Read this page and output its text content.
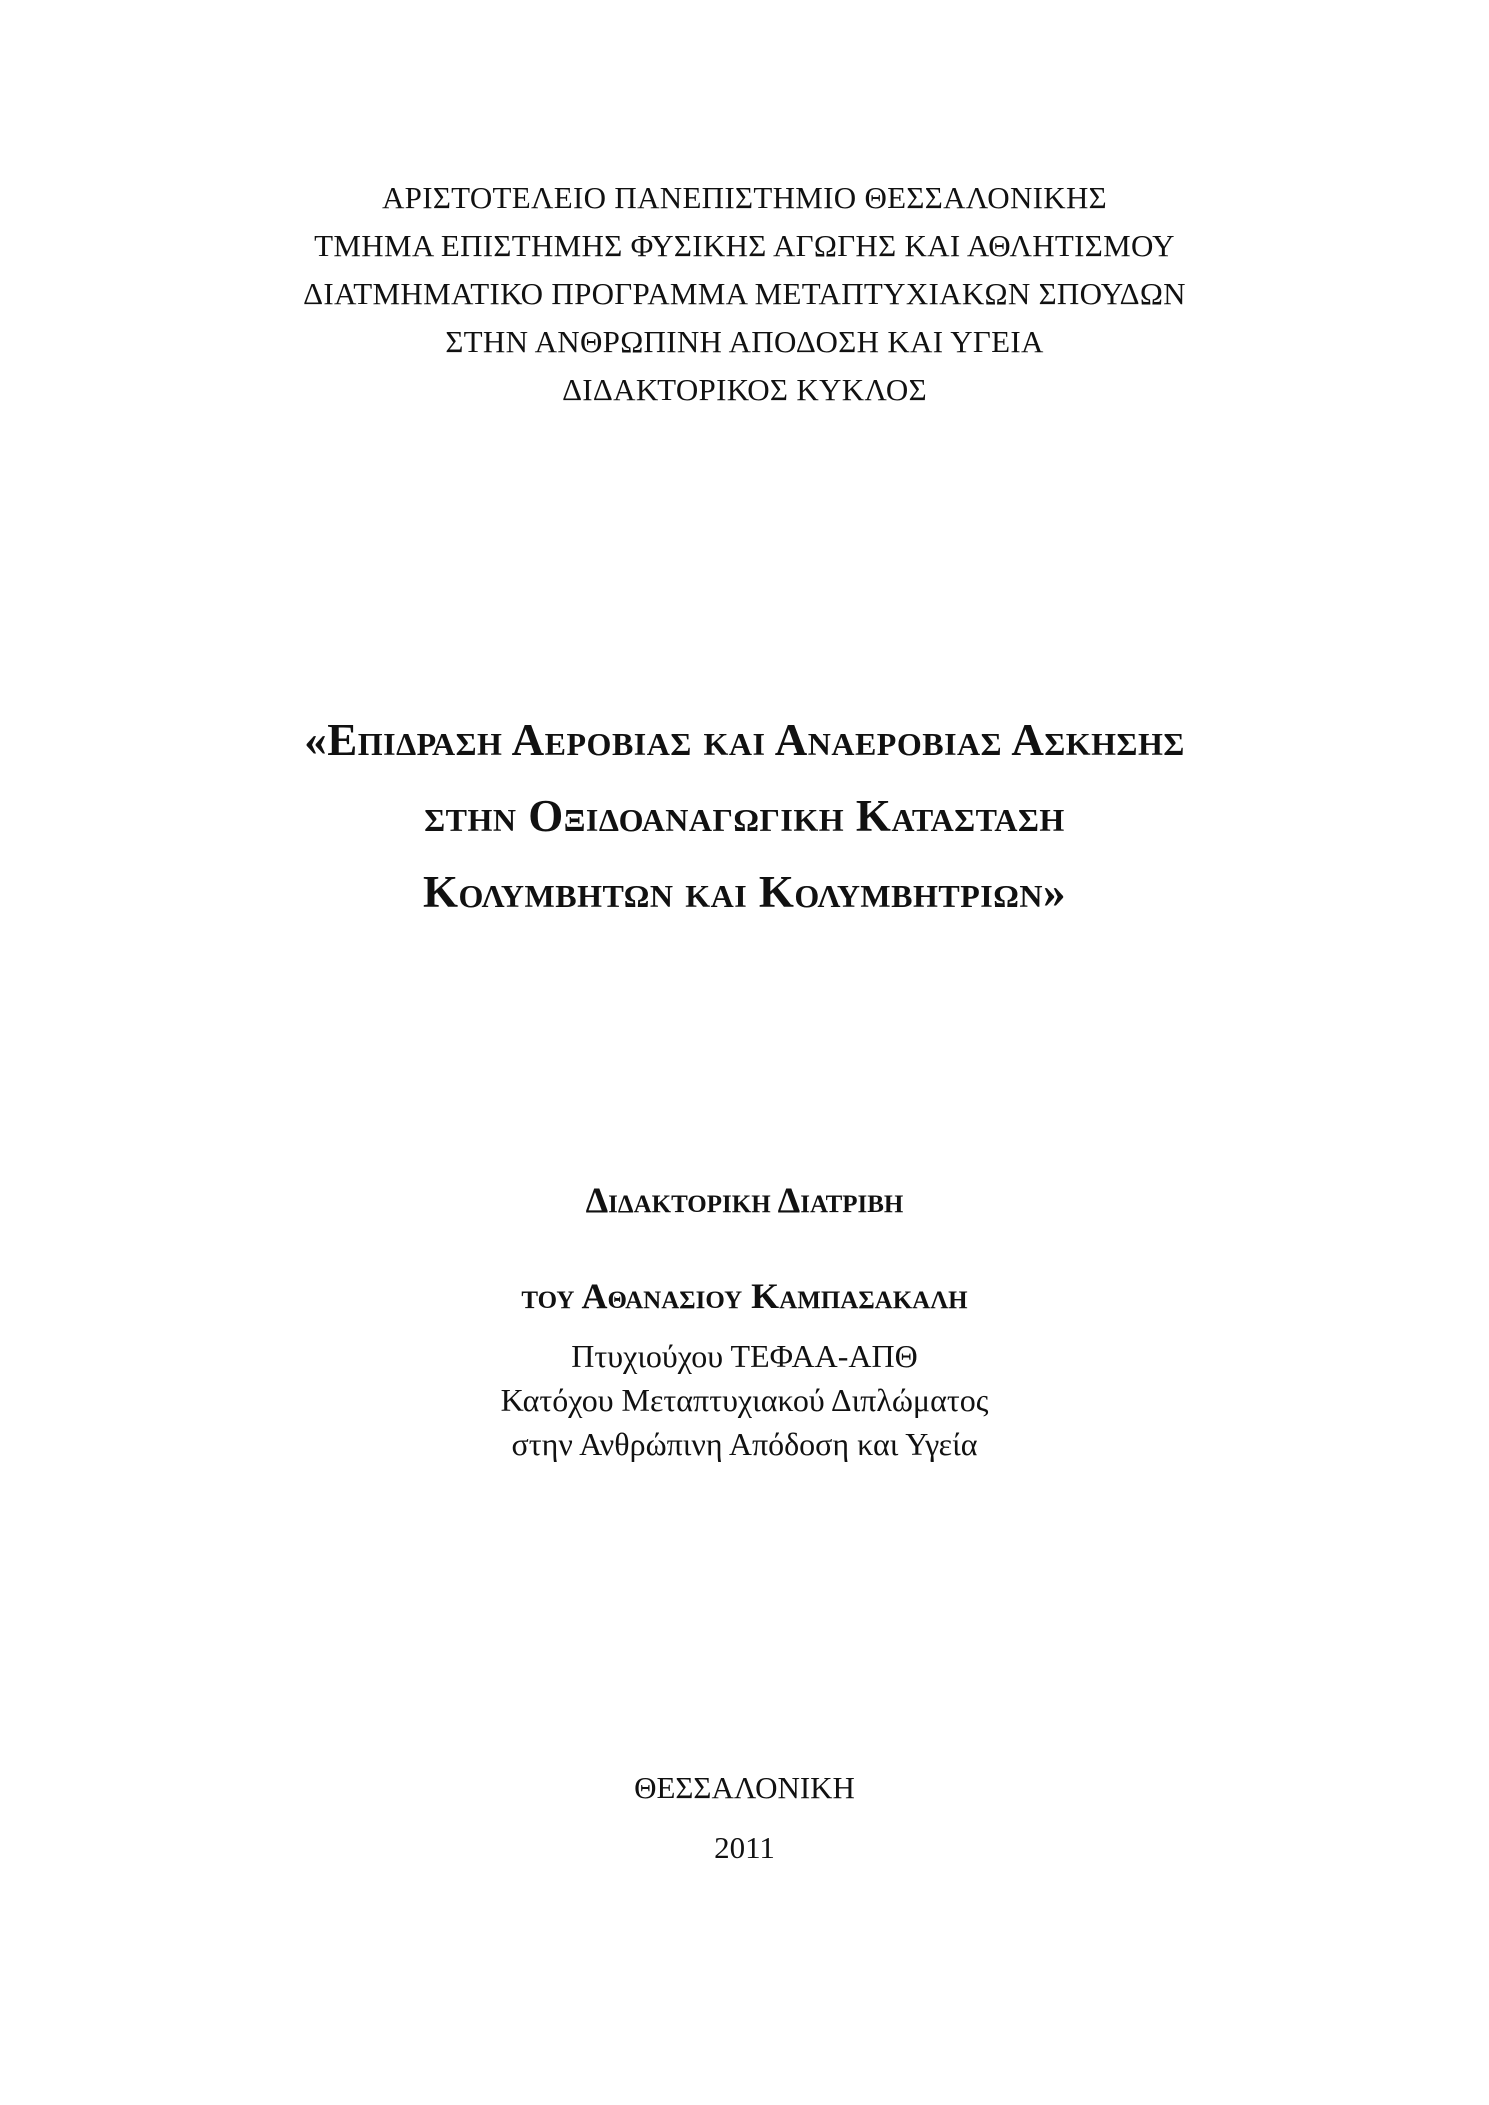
ΑΡΙΣΤΟΤΕΛΕΙΟ ΠΑΝΕΠΙΣΤΗΜΙΟ ΘΕΣΣΑΛΟΝΙΚΗΣ
ΤΜΗΜΑ ΕΠΙΣΤΗΜΗΣ ΦΥΣΙΚΗΣ ΑΓΩΓΗΣ ΚΑΙ ΑΘΛΗΤΙΣΜΟΥ
ΔΙΑΤΜΗΜΑΤΙΚΟ ΠΡΟΓΡΑΜΜΑ ΜΕΤΑΠΤΥΧΙΑΚΩΝ ΣΠΟΥΔΩΝ
ΣΤΗΝ ΑΝΘΡΩΠΙΝΗ ΑΠΟΔΟΣΗ ΚΑΙ ΥΓΕΙΑ
ΔΙΔΑΚΤΟΡΙΚΟΣ ΚΥΚΛΟΣ
«Επιδραση Αεροβιας και Αναεροβιας Ασκησης
στην Οξιδοαναγωγικη Κατασταση
Κολυμβητων και Κολυμβητριων»
Διδακτορικη Διατριβη
του Αθανασιου Καμπασακαλη
Πτυχιούχου ΤΕΦΑΑ-ΑΠΘ
Κατόχου Μεταπτυχιακού Διπλώματος
στην Ανθρώπινη Απόδοση και Υγεία
ΘΕΣΣΑΛΟΝΙΚΗ
2011
